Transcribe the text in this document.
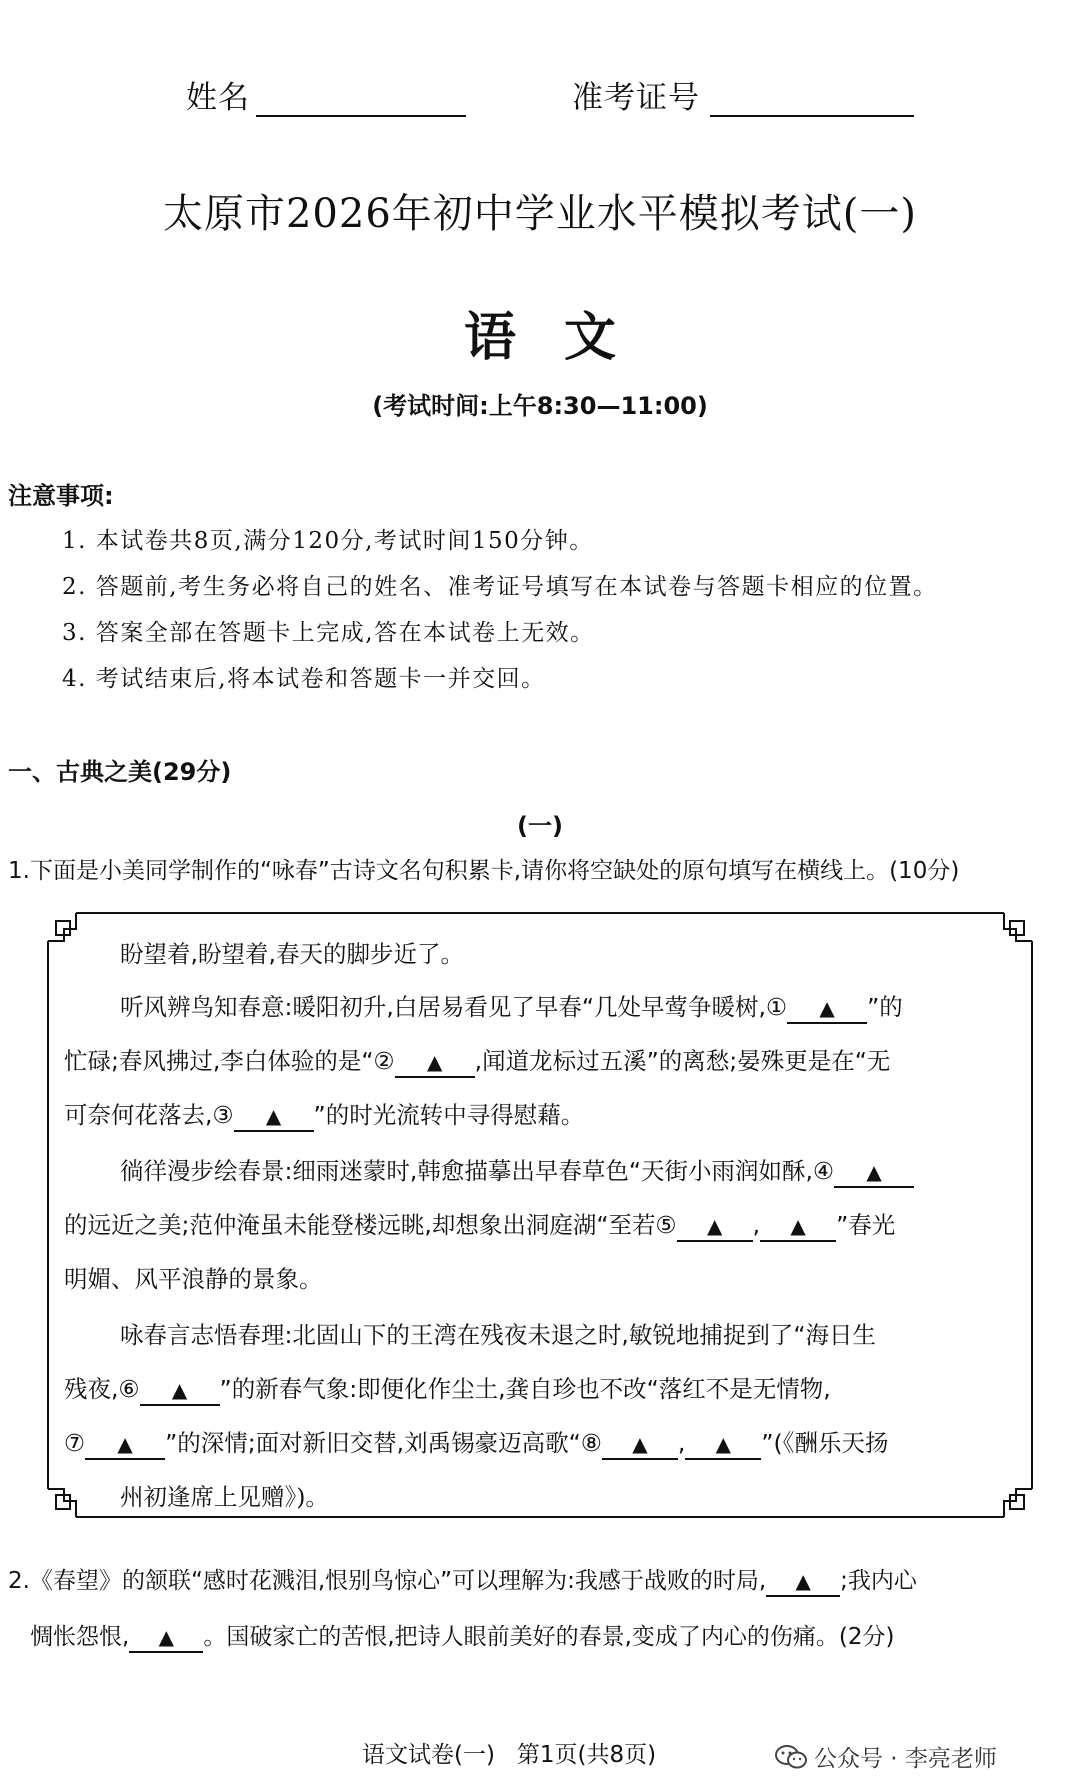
姓名	准考证号
太原市2026年初中学业水平模拟考试(一)
语文
(考试时间:上午8:30—11:00)
注意事项:
1. 本试卷共8页,满分120分,考试时间150分钟。
2. 答题前,考生务必将自己的姓名、准考证号填写在本试卷与答题卡相应的位置。
3. 答案全部在答题卡上完成,答在本试卷上无效。
4. 考试结束后,将本试卷和答题卡一并交回。
一、古典之美(29分)
(一)
1.下面是小美同学制作的“咏春”古诗文名句积累卡,请你将空缺处的原句填写在横线上。(10分)
盼望着,盼望着,春天的脚步近了。
听风辨鸟知春意:暖阳初升,白居易看见了早春“几处早莺争暖树,① ▲ ”的
忙碌;春风拂过,李白体验的是“② ▲ ,闻道龙标过五溪”的离愁;晏殊更是在“无
可奈何花落去,③ ▲ ”的时光流转中寻得慰藉。
徜徉漫步绘春景:细雨迷蒙时,韩愈描摹出早春草色“天街小雨润如酥,④ ▲
的远近之美;范仲淹虽未能登楼远眺,却想象出洞庭湖“至若⑤ ▲ , ▲ ”春光
明媚、风平浪静的景象。
咏春言志悟春理:北固山下的王湾在残夜未退之时,敏锐地捕捉到了“海日生
残夜,⑥ ▲ ”的新春气象:即便化作尘土,龚自珍也不改“落红不是无情物,
⑦ ▲ ”的深情;面对新旧交替,刘禹锡豪迈高歌“⑧ ▲ , ▲ ”(《酬乐天扬
州初逢席上见赠》)。
2.《春望》的颔联“感时花溅泪,恨别鸟惊心”可以理解为:我感于战败的时局, ▲ ;我内心
惆怅怨恨, ▲ 。国破家亡的苦恨,把诗人眼前美好的春景,变成了内心的伤痛。(2分)
语文试卷(一)   第1页(共8页)	公众号 · 李亮老师
